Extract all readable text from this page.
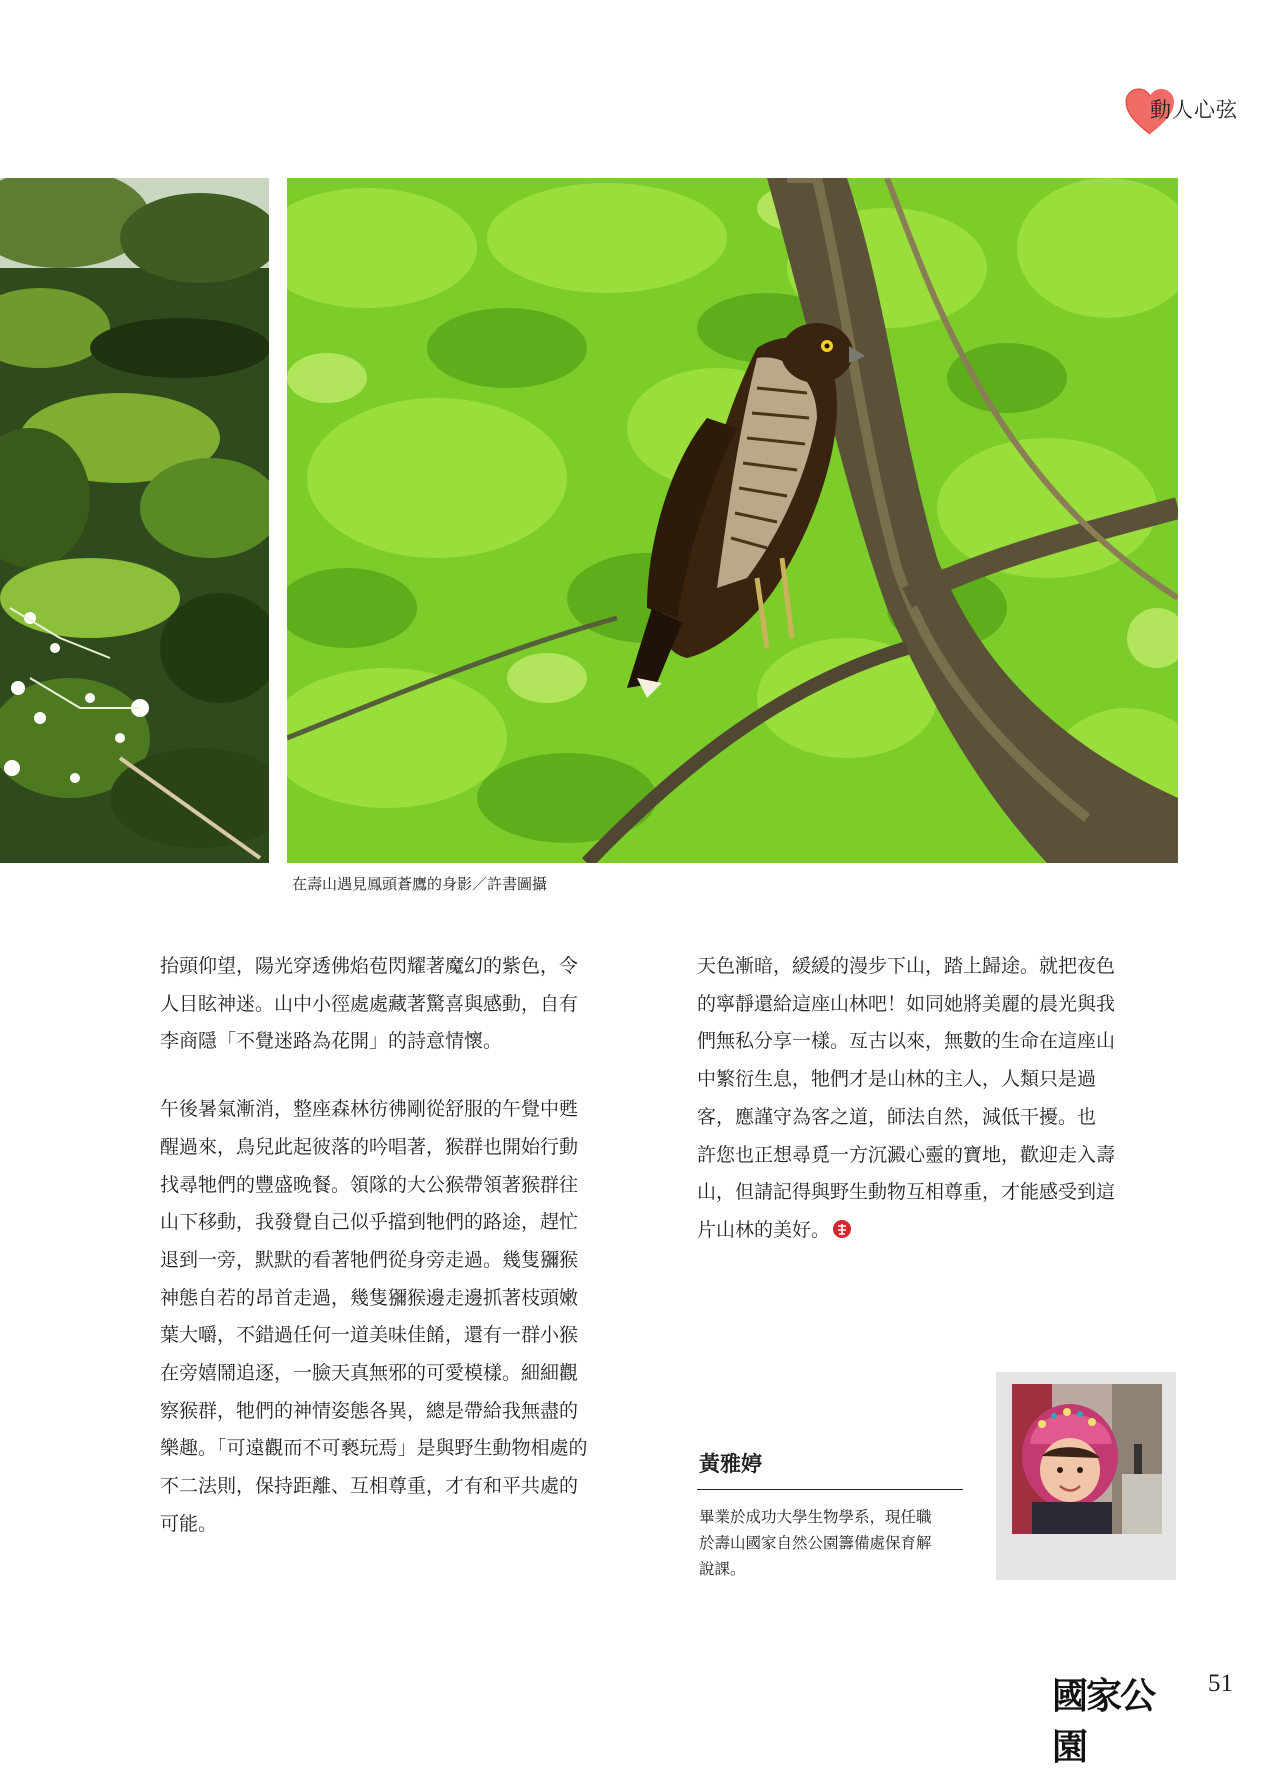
動人心弦
在壽山遇見鳳頭蒼鷹的身影／許書圖攝

抬頭仰望，陽光穿透佛焰苞閃耀著魔幻的紫色，令
人目眩神迷。山中小徑處處藏著驚喜與感動，自有
李商隱「不覺迷路為花開」的詩意情懷。

午後暑氣漸消，整座森林彷彿剛從舒服的午覺中甦
醒過來，鳥兒此起彼落的吟唱著，猴群也開始行動
找尋牠們的豐盛晚餐。領隊的大公猴帶領著猴群往
山下移動，我發覺自己似乎擋到牠們的路途，趕忙
退到一旁，默默的看著牠們從身旁走過。幾隻獼猴
神態自若的昂首走過，幾隻獼猴邊走邊抓著枝頭嫩
葉大嚼，不錯過任何一道美味佳餚，還有一群小猴
在旁嬉鬧追逐，一臉天真無邪的可愛模樣。細細觀
察猴群，牠們的神情姿態各異，總是帶給我無盡的
樂趣。「可遠觀而不可褻玩焉」是與野生動物相處的
不二法則，保持距離、互相尊重，才有和平共處的
可能。

天色漸暗，緩緩的漫步下山，踏上歸途。就把夜色
的寧靜還給這座山林吧！如同她將美麗的晨光與我
們無私分享一樣。亙古以來，無數的生命在這座山
中繁衍生息，牠們才是山林的主人，人類只是過
客，應謹守為客之道，師法自然，減低干擾。也
許您也正想尋覓一方沉澱心靈的寶地，歡迎走入壽
山，但請記得與野生動物互相尊重，才能感受到這
片山林的美好。

黃雅婷
畢業於成功大學生物學系，現任職
於壽山國家自然公園籌備處保育解
說課。
國家公園
51
